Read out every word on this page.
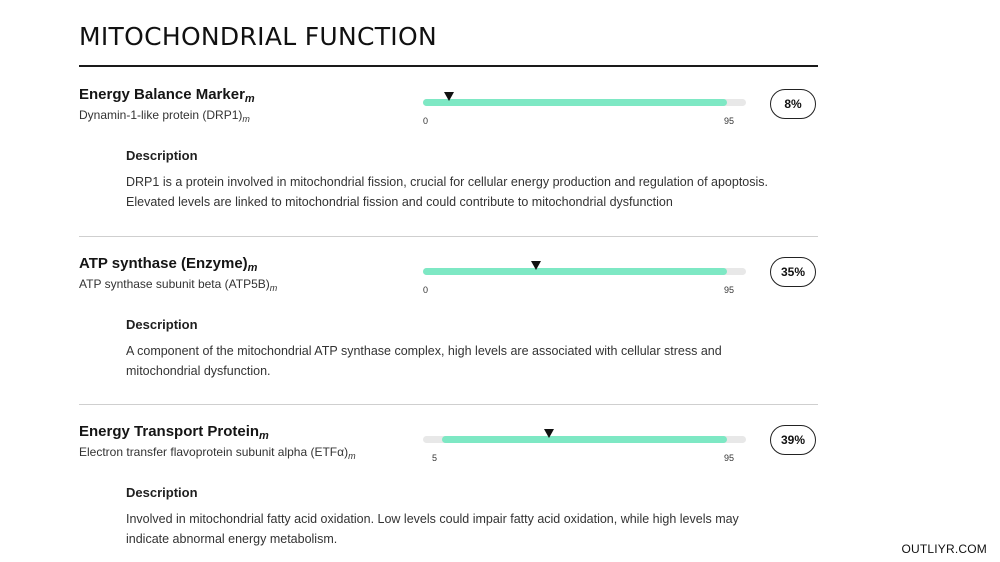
MITOCHONDRIAL FUNCTION
Energy Balance Marker$_m$
Dynamin-1-like protein $(DRP1)_m$	0	95
8%
Description
DRP1 is a protein involved in mitochondrial fission, crucial for cellular energy production and regulation of apoptosis. Elevated levels are linked to mitochondrial fission and could contribute to mitochondrial dysfunction
ATP synthase $(Enzyme)_m$
ATP synthase subunit beta $(ATP5B)_m$	0	95
35%
Description
A component of the mitochondrial ATP synthase complex, high levels are associated with cellular stress and mitochondrial dysfunction.
Energy Transport Protein$_m$
Electron transfer flavoprotein subunit alpha $(ETF\alpha)_m$	5	95
39%
Description
Involved in mitochondrial fatty acid oxidation. Low levels could impair fatty acid oxidation, while high levels may indicate abnormal energy metabolism.
OUTLIYR.COM
